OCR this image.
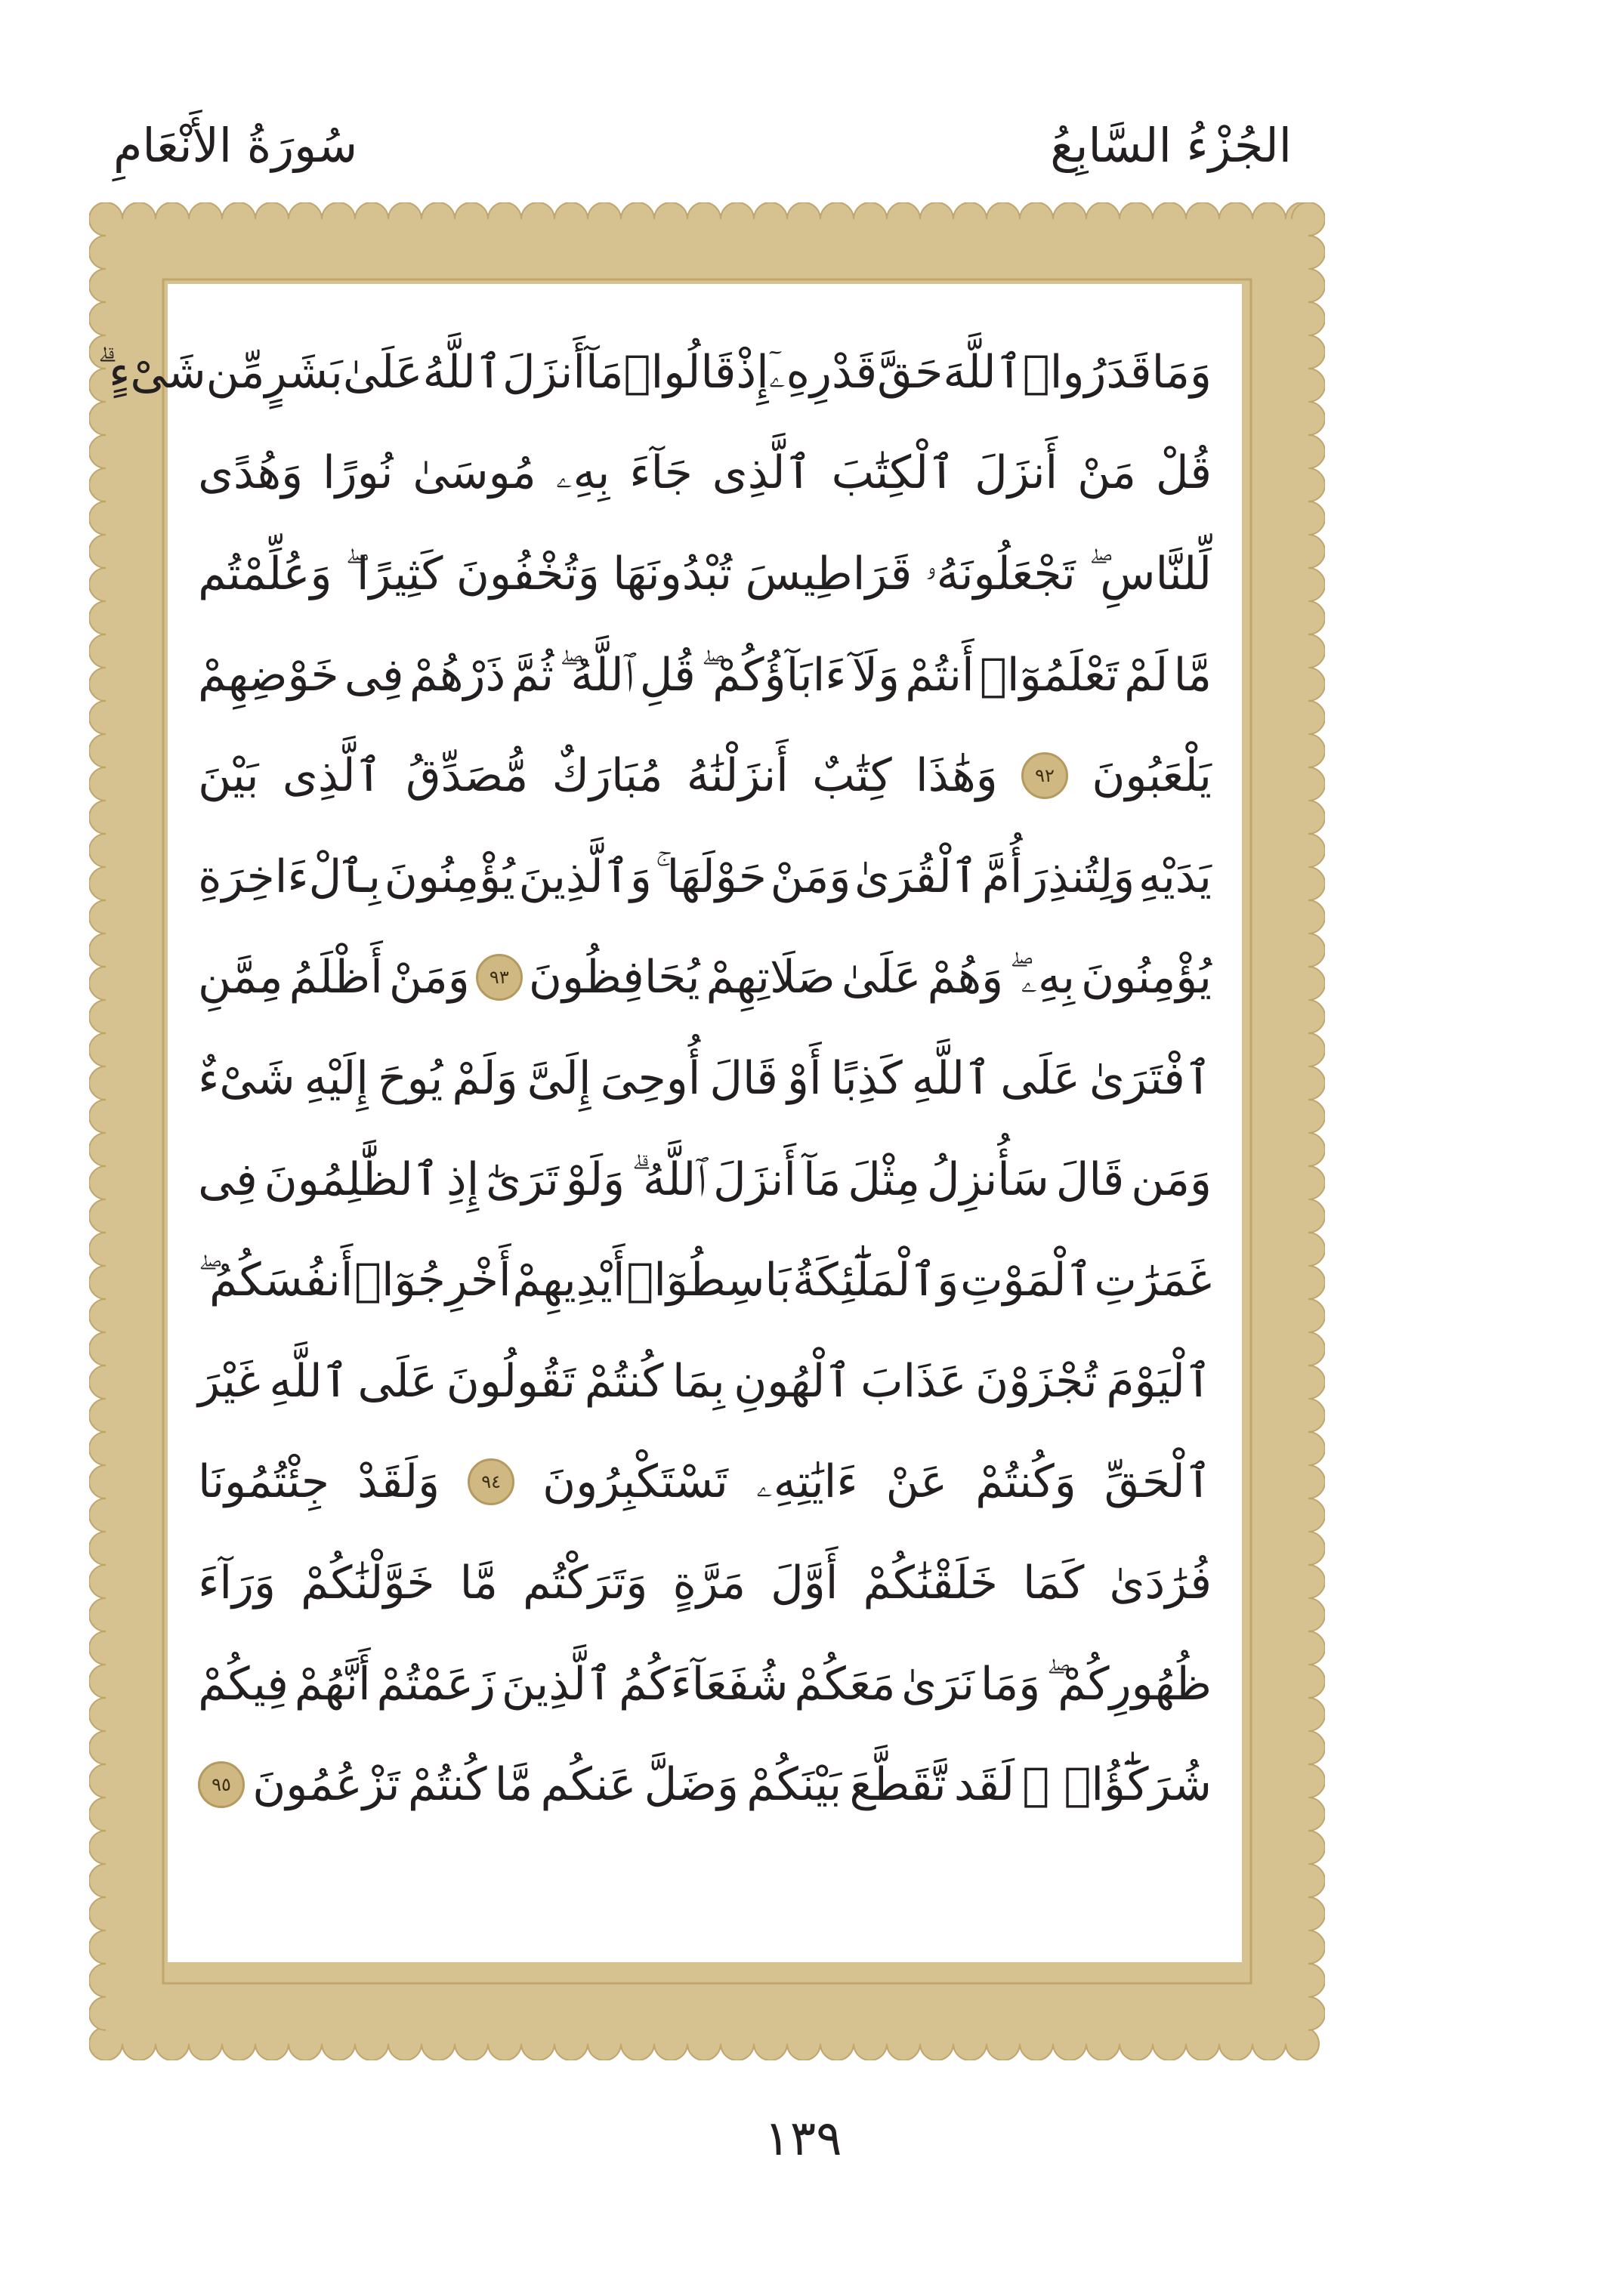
الجُزْءُ السَّابِعُ
سُورَةُ الأَنْعَامِ
وَمَا
قَدَرُوا۟
ٱللَّهَ
حَقَّ
قَدْرِهِۦٓ
إِذْ
قَالُوا۟
مَآ
أَنزَلَ
ٱللَّهُ
عَلَىٰ
بَشَرٍ
مِّن
شَىْءٍ ۗ
قُلْ
مَنْ
أَنزَلَ
ٱلْكِتَٰبَ
ٱلَّذِى
جَآءَ
بِهِۦ
مُوسَىٰ
نُورًا
وَهُدًى
لِّلنَّاسِ ۖ
تَجْعَلُونَهُۥ
قَرَاطِيسَ
تُبْدُونَهَا
وَتُخْفُونَ
كَثِيرًا ۖ
وَعُلِّمْتُم
مَّا
لَمْ
تَعْلَمُوٓا۟
أَنتُمْ
وَلَآ
ءَابَآؤُكُمْ ۖ
قُلِ
ٱللَّهُ ۖ
ثُمَّ
ذَرْهُمْ
فِى
خَوْضِهِمْ
يَلْعَبُونَ
٩٢
وَهَٰذَا
كِتَٰبٌ
أَنزَلْنَٰهُ
مُبَارَكٌ
مُّصَدِّقُ
ٱلَّذِى
بَيْنَ
يَدَيْهِ
وَلِتُنذِرَ
أُمَّ
ٱلْقُرَىٰ
وَمَنْ
حَوْلَهَا ۚ
وَٱلَّذِينَ
يُؤْمِنُونَ
بِٱلْءَاخِرَةِ
يُؤْمِنُونَ
بِهِۦ ۖ
وَهُمْ
عَلَىٰ
صَلَاتِهِمْ
يُحَافِظُونَ
٩٣
وَمَنْ
أَظْلَمُ
مِمَّنِ
ٱفْتَرَىٰ
عَلَى
ٱللَّهِ
كَذِبًا
أَوْ
قَالَ
أُوحِىَ
إِلَىَّ
وَلَمْ
يُوحَ
إِلَيْهِ
شَىْءٌ
وَمَن
قَالَ
سَأُنزِلُ
مِثْلَ
مَآ
أَنزَلَ
ٱللَّهُ ۗ
وَلَوْ
تَرَىٰٓ
إِذِ
ٱلظَّٰلِمُونَ
فِى
غَمَرَٰتِ
ٱلْمَوْتِ
وَٱلْمَلَٰٓئِكَةُ
بَاسِطُوٓا۟
أَيْدِيهِمْ
أَخْرِجُوٓا۟
أَنفُسَكُمُ ۖ
ٱلْيَوْمَ
تُجْزَوْنَ
عَذَابَ
ٱلْهُونِ
بِمَا
كُنتُمْ
تَقُولُونَ
عَلَى
ٱللَّهِ
غَيْرَ
ٱلْحَقِّ
وَكُنتُمْ
عَنْ
ءَايَٰتِهِۦ
تَسْتَكْبِرُونَ
٩٤
وَلَقَدْ
جِئْتُمُونَا
فُرَٰدَىٰ
كَمَا
خَلَقْنَٰكُمْ
أَوَّلَ
مَرَّةٍ
وَتَرَكْتُم
مَّا
خَوَّلْنَٰكُمْ
وَرَآءَ
ظُهُورِكُمْ ۖ
وَمَا
نَرَىٰ
مَعَكُمْ
شُفَعَآءَكُمُ
ٱلَّذِينَ
زَعَمْتُمْ
أَنَّهُمْ
فِيكُمْ
شُرَكَٰٓؤُا۟ ۚ
لَقَد
تَّقَطَّعَ
بَيْنَكُمْ
وَضَلَّ
عَنكُم
مَّا
كُنتُمْ
تَزْعُمُونَ
٩٥
١٣٩
